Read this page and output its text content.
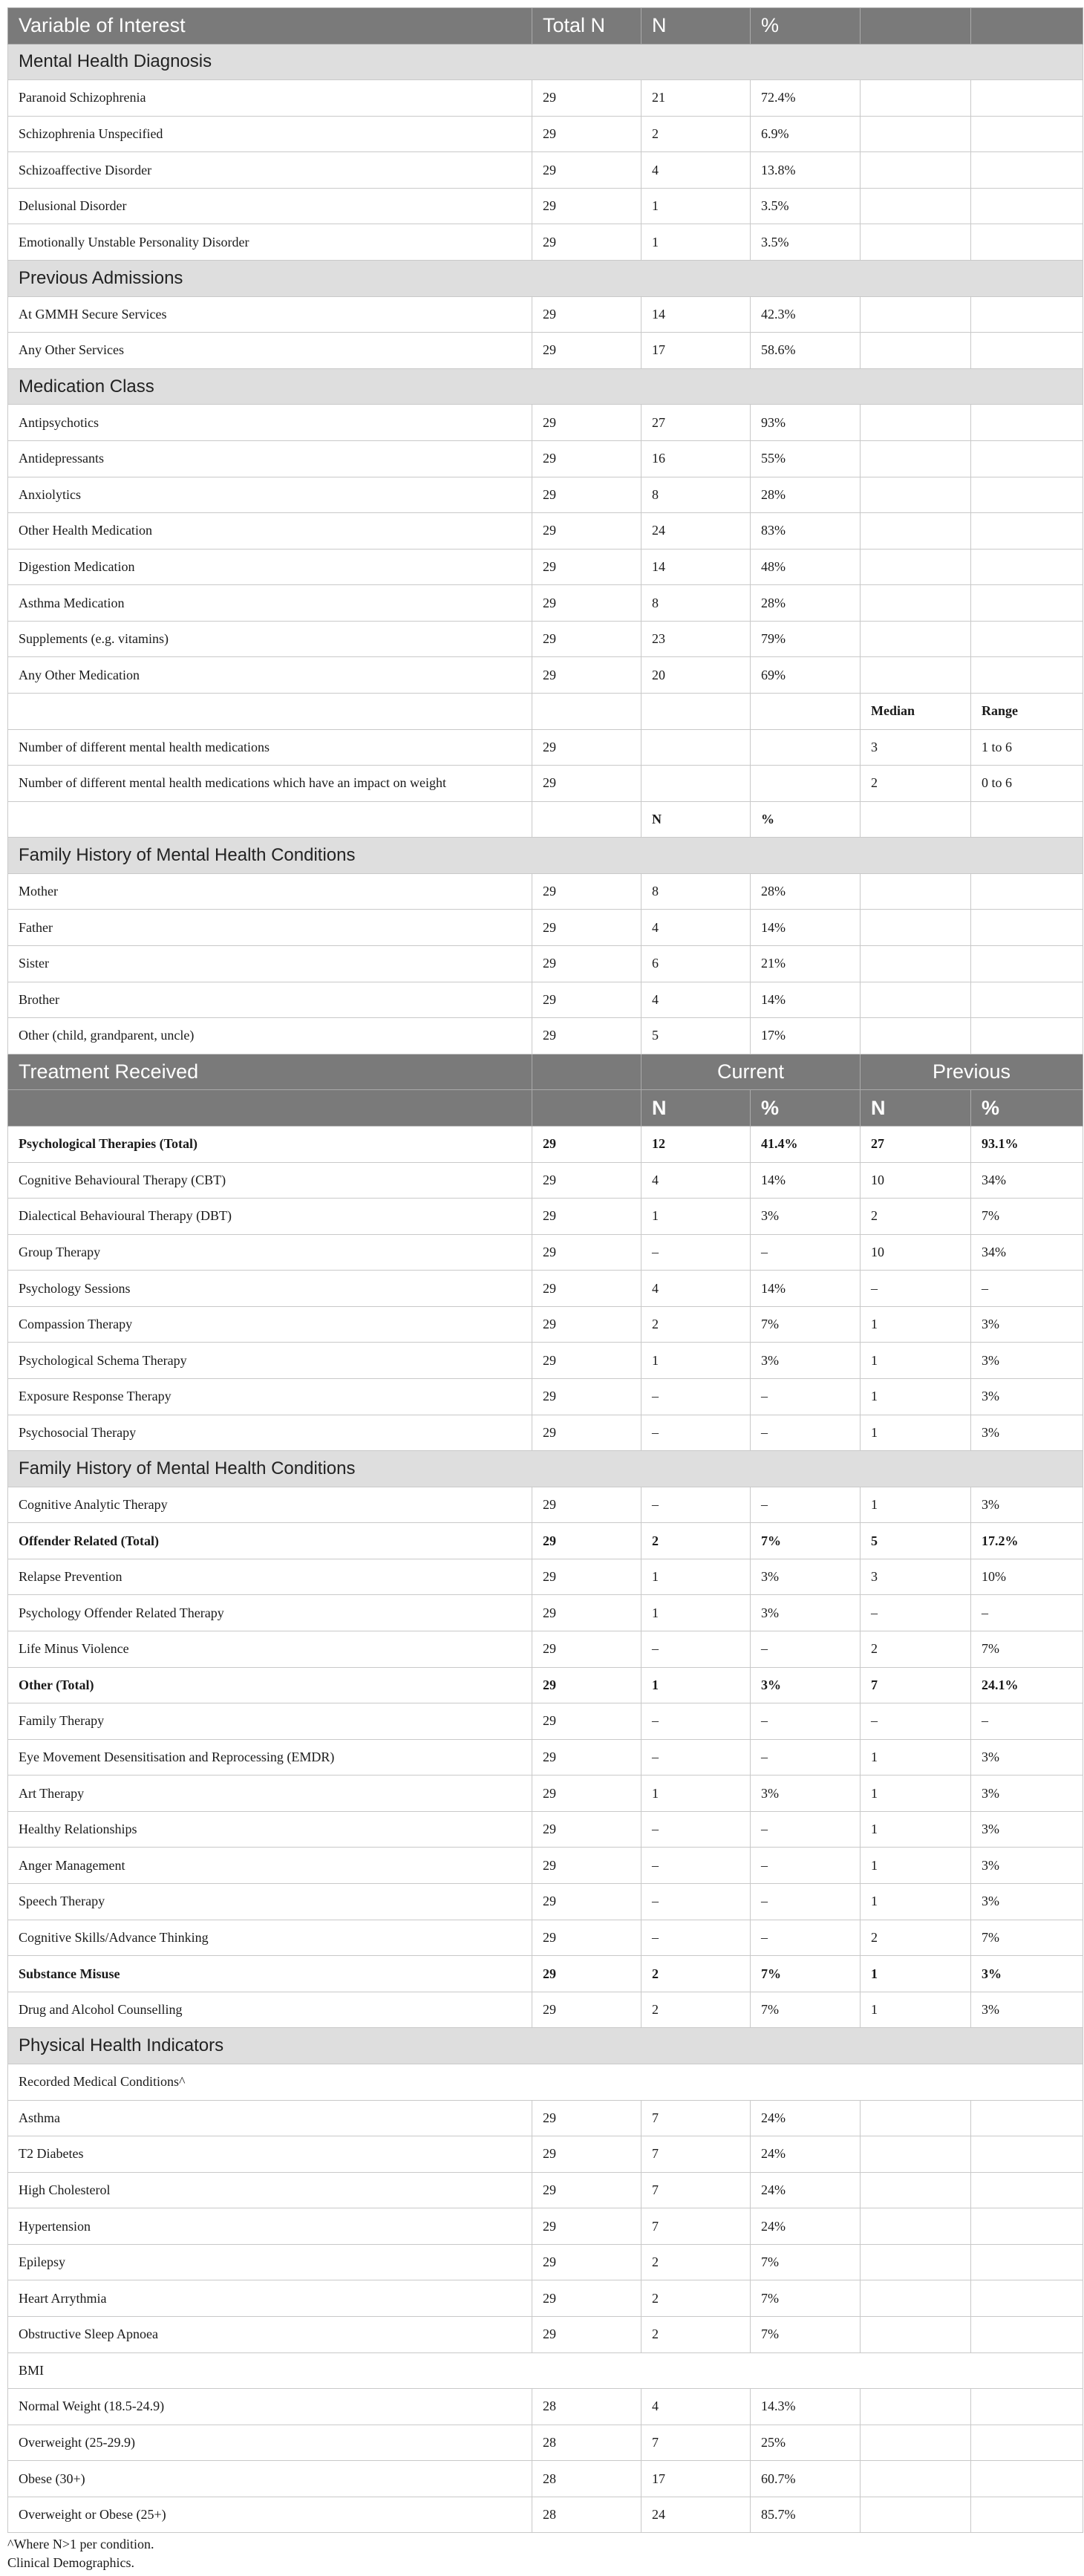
Variable of Interest	Total N	N	%		
Mental Health Diagnosis					
Paranoid Schizophrenia	29	21	72.4%		
Schizophrenia Unspecified	29	2	6.9%		
Schizoaffective Disorder	29	4	13.8%		
Delusional Disorder	29	1	3.5%		
Emotionally Unstable Personality Disorder	29	1	3.5%		
Previous Admissions					
At GMMH Secure Services	29	14	42.3%		
Any Other Services	29	17	58.6%		
Medication Class					
Antipsychotics	29	27	93%		
Antidepressants	29	16	55%		
Anxiolytics	29	8	28%		
Other Health Medication	29	24	83%		
Digestion Medication	29	14	48%		
Asthma Medication	29	8	28%		
Supplements (e.g. vitamins)	29	23	79%		
Any Other Medication	29	20	69%		
				Median	Range
Number of different mental health medications	29			3	1 to 6
Number of different mental health medications which have an impact on weight	29			2	0 to 6
		N	%		
Family History of Mental Health Conditions					
Mother	29	8	28%		
Father	29	4	14%		
Sister	29	6	21%		
Brother	29	4	14%		
Other (child, grandparent, uncle)	29	5	17%		
Treatment Received		Current		Previous	
		N	%	N	%
Psychological Therapies (Total)	29	12	41.4%	27	93.1%
Cognitive Behavioural Therapy (CBT)	29	4	14%	10	34%
Dialectical Behavioural Therapy (DBT)	29	1	3%	2	7%
Group Therapy	29	–	–	10	34%
Psychology Sessions	29	4	14%	–	–
Compassion Therapy	29	2	7%	1	3%
Psychological Schema Therapy	29	1	3%	1	3%
Exposure Response Therapy	29	–	–	1	3%
Psychosocial Therapy	29	–	–	1	3%
Family History of Mental Health Conditions					
Cognitive Analytic Therapy	29	–	–	1	3%
Offender Related (Total)	29	2	7%	5	17.2%
Relapse Prevention	29	1	3%	3	10%
Psychology Offender Related Therapy	29	1	3%	–	–
Life Minus Violence	29	–	–	2	7%
Other (Total)	29	1	3%	7	24.1%
Family Therapy	29	–	–	–	–
Eye Movement Desensitisation and Reprocessing (EMDR)	29	–	–	1	3%
Art Therapy	29	1	3%	1	3%
Healthy Relationships	29	–	–	1	3%
Anger Management	29	–	–	1	3%
Speech Therapy	29	–	–	1	3%
Cognitive Skills/Advance Thinking	29	–	–	2	7%
Substance Misuse	29	2	7%	1	3%
Drug and Alcohol Counselling	29	2	7%	1	3%
Physical Health Indicators					
Recorded Medical Conditions^					
Asthma	29	7	24%		
T2 Diabetes	29	7	24%		
High Cholesterol	29	7	24%		
Hypertension	29	7	24%		
Epilepsy	29	2	7%		
Heart Arrythmia	29	2	7%		
Obstructive Sleep Apnoea	29	2	7%		
BMI					
Normal Weight (18.5-24.9)	28	4	14.3%		
Overweight (25-29.9)	28	7	25%		
Obese (30+)	28	17	60.7%		
Overweight or Obese (25+)	28	24	85.7%		
^Where N>1 per condition.
Clinical Demographics.
